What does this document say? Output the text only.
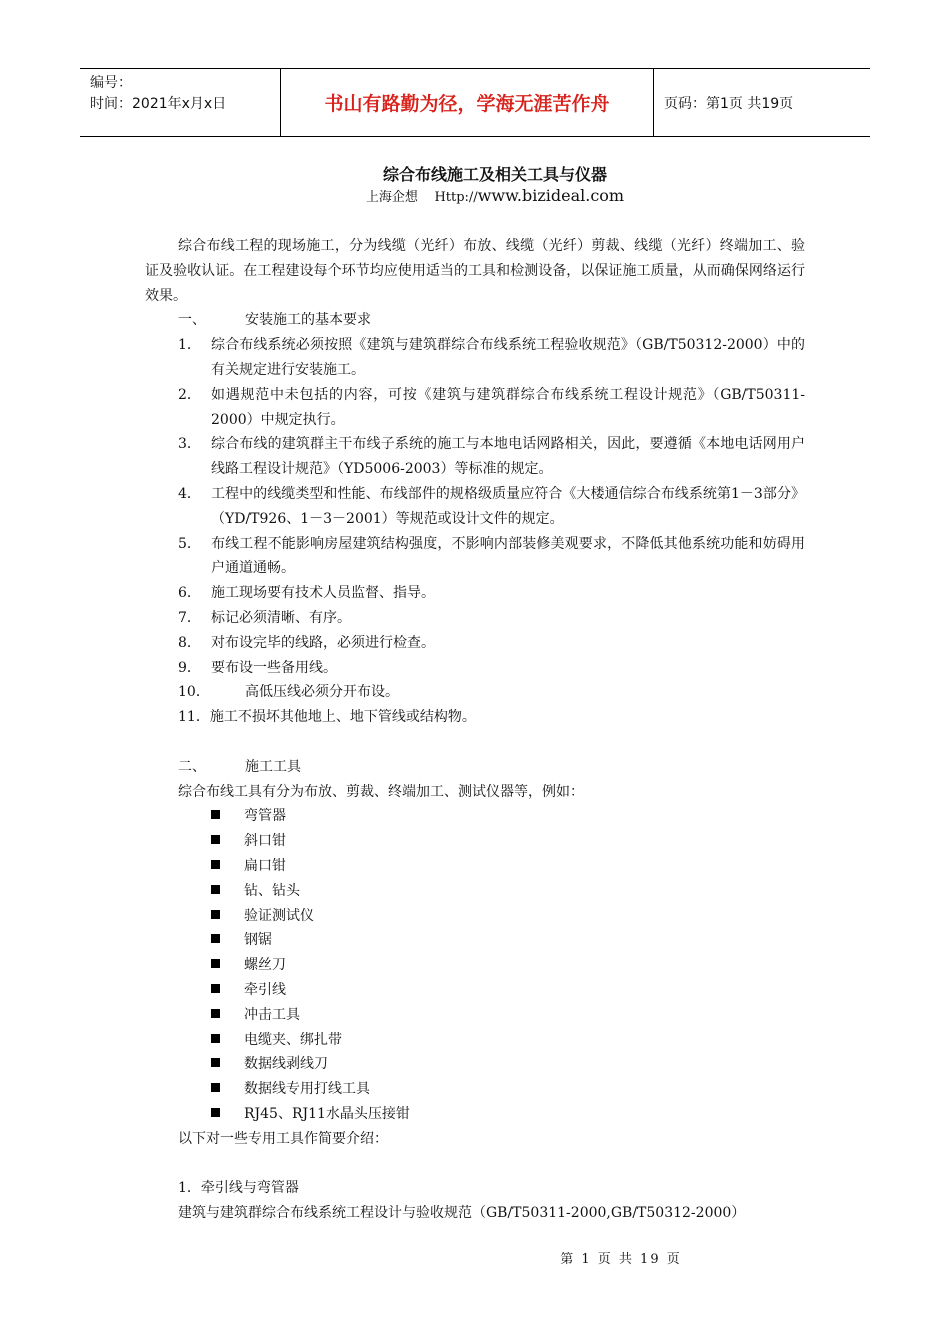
编号：
时间：2021年x月x日	书山有路勤为径，学海无涯苦作舟	页码：第1页 共19页
综合布线施工及相关工具与仪器
上海企想 Http://www.bizideal.com

综合布线工程的现场施工，分为线缆（光纤）布放、线缆（光纤）剪裁、线缆（光纤）终端加工、验证及验收认证。在工程建设每个环节均应使用适当的工具和检测设备，以保证施工质量，从而确保网络运行效果。

一、	安装施工的基本要求

1． 综合布线系统必须按照《建筑与建筑群综合布线系统工程验收规范》（GB/T50312-2000）中的有关规定进行安装施工。
2． 如遇规范中未包括的内容，可按《建筑与建筑群综合布线系统工程设计规范》（GB/T50311-2000）中规定执行。
3． 综合布线的建筑群主干布线子系统的施工与本地电话网路相关，因此，要遵循《本地电话网用户线路工程设计规范》（YD5006-2003）等标准的规定。
4． 工程中的线缆类型和性能、布线部件的规格级质量应符合《大楼通信综合布线系统第1－3部分》（YD/T926、1－3－2001）等规范或设计文件的规定。
5． 布线工程不能影响房屋建筑结构强度，不影响内部装修美观要求，不降低其他系统功能和妨碍用户通道通畅。
6． 施工现场要有技术人员监督、指导。
7． 标记必须清晰、有序。
8． 对布设完毕的线路，必须进行检查。
9． 要布设一些备用线。

10．	高低压线必须分开布设。

11．施工不损坏其他地上、地下管线或结构物。

二、	施工工具

综合布线工具有分为布放、剪裁、终端加工、测试仪器等，例如：

弯管器

斜口钳

扁口钳

钻、钻头

验证测试仪

钢锯

螺丝刀

牵引线

冲击工具

电缆夹、绑扎带

数据线剥线刀

数据线专用打线工具

RJ45、RJ11水晶头压接钳

以下对一些专用工具作简要介绍：

1．牵引线与弯管器

建筑与建筑群综合布线系统工程设计与验收规范（GB/T50311-2000,GB/T50312-2000）

第 1 页 共 19 页
